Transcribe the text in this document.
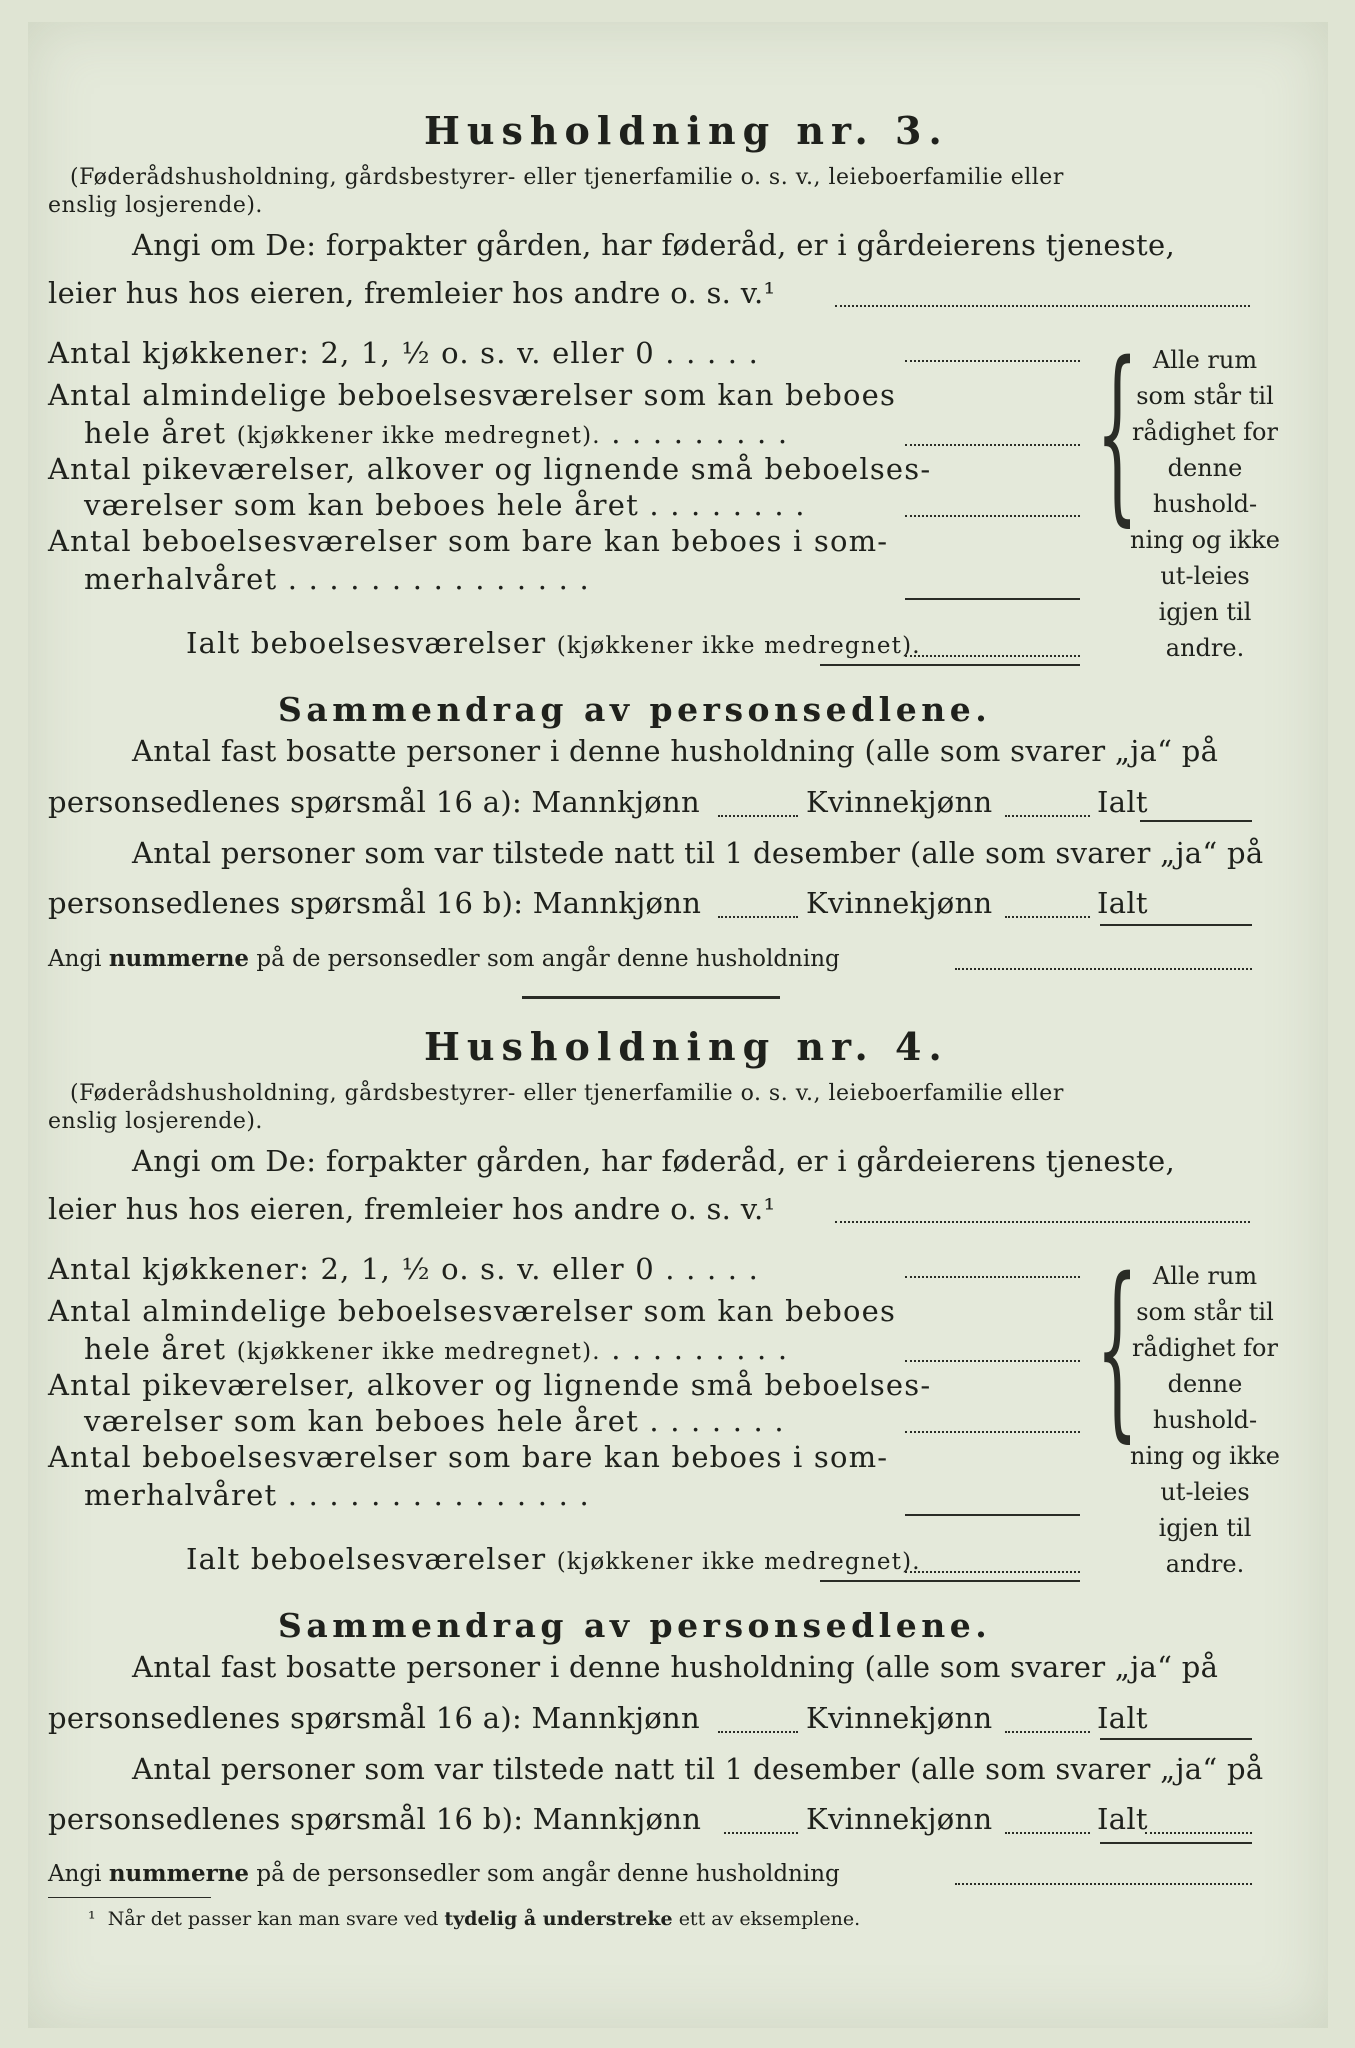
Husholdning nr. 3.
(Føderådshusholdning, gårdsbestyrer- eller tjenerfamilie o. s. v., leieboerfamilie eller
enslig losjerende).
Angi om De: forpakter gården, har føderåd, er i gårdeierens tjeneste,
leier hus hos eieren, fremleier hos andre o. s. v.¹
Antal kjøkkener: 2, 1, ½ o. s. v. eller 0 . . . . .
Antal almindelige beboelsesværelser som kan beboes
hele året (kjøkkener ikke medregnet). . . . . . . . . .
Antal pikeværelser, alkover og lignende små beboelses-
værelser som kan beboes hele året . . . . . . . .
Antal beboelsesværelser som bare kan beboes i som-
merhalvåret . . . . . . . . . . . . . . .
Ialt beboelsesværelser (kjøkkener ikke medregnet).
{ Alle rum som står til rådighet for denne hushold-ning og ikke ut-leies igjen til andre.
Sammendrag av personsedlene.
Antal fast bosatte personer i denne husholdning (alle som svarer „ja“ på
personsedlenes spørsmål 16 a): Mannkjønn	Kvinnekjønn	Ialt
Antal personer som var tilstede natt til 1 desember (alle som svarer „ja“ på
personsedlenes spørsmål 16 b): Mannkjønn	Kvinnekjønn	Ialt
Angi nummerne på de personsedler som angår denne husholdning
Husholdning nr. 4.
(Føderådshusholdning, gårdsbestyrer- eller tjenerfamilie o. s. v., leieboerfamilie eller
enslig losjerende).
Angi om De: forpakter gården, har føderåd, er i gårdeierens tjeneste,
leier hus hos eieren, fremleier hos andre o. s. v.¹
Antal kjøkkener: 2, 1, ½ o. s. v. eller 0 . . . . .
Antal almindelige beboelsesværelser som kan beboes
hele året (kjøkkener ikke medregnet). . . . . . . . . .
Antal pikeværelser, alkover og lignende små beboelses-
værelser som kan beboes hele året . . . . . . .
Antal beboelsesværelser som bare kan beboes i som-
merhalvåret . . . . . . . . . . . . . . .
Ialt beboelsesværelser (kjøkkener ikke medregnet).
{ Alle rum som står til rådighet for denne hushold-ning og ikke ut-leies igjen til andre.
Sammendrag av personsedlene.
Antal fast bosatte personer i denne husholdning (alle som svarer „ja“ på
personsedlenes spørsmål 16 a): Mannkjønn	Kvinnekjønn	Ialt
Antal personer som var tilstede natt til 1 desember (alle som svarer „ja“ på
personsedlenes spørsmål 16 b): Mannkjønn	Kvinnekjønn	Ialt
Angi nummerne på de personsedler som angår denne husholdning
¹ Når det passer kan man svare ved tydelig å understreke ett av eksemplene.
